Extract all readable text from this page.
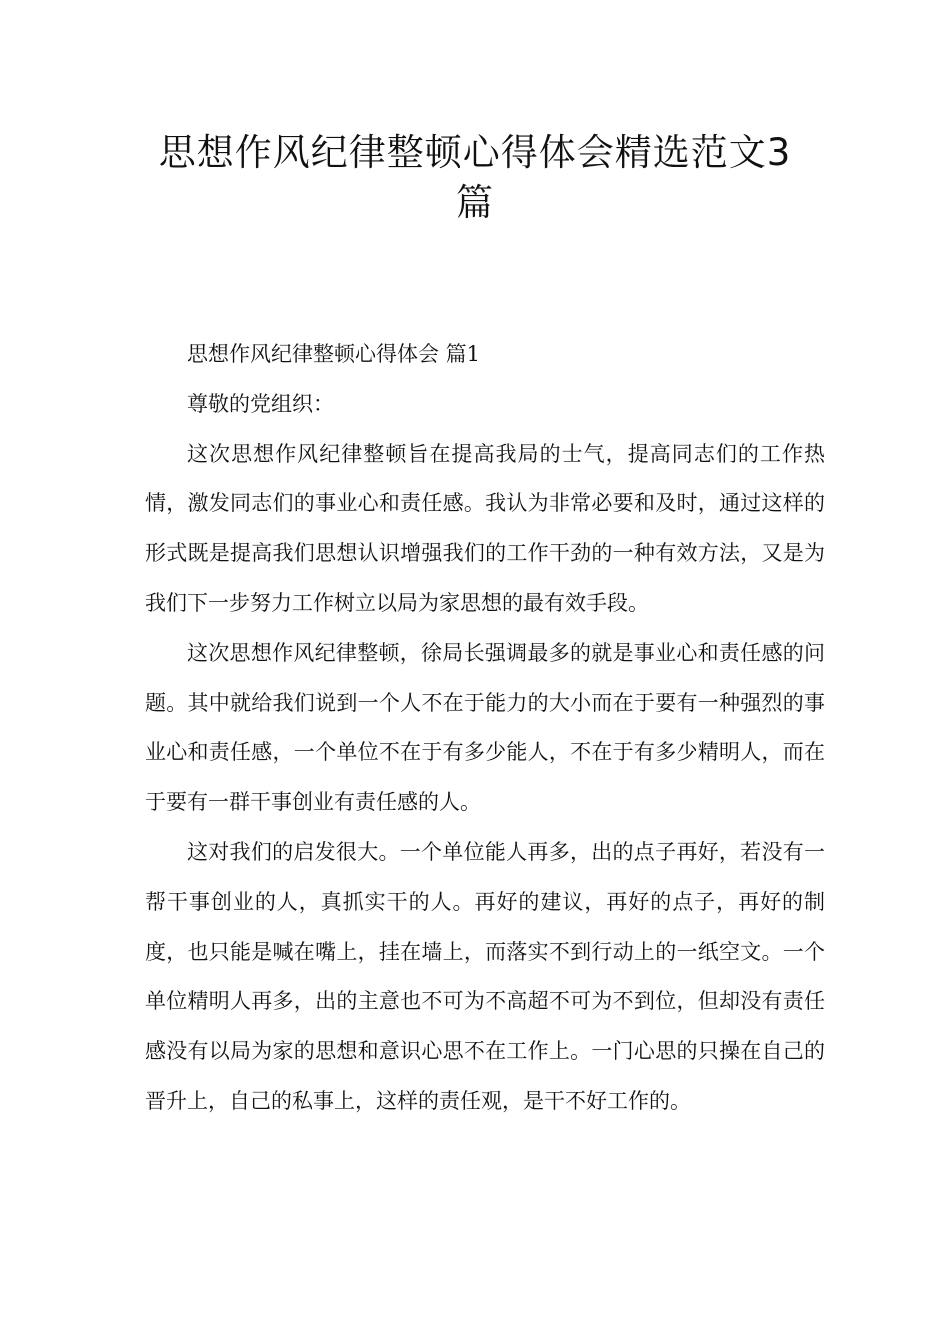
思想作风纪律整顿心得体会精选范文3篇

思想作风纪律整顿心得体会 篇1

尊敬的党组织：

这次思想作风纪律整顿旨在提高我局的士气，提高同志们的工作热情，激发同志们的事业心和责任感。我认为非常必要和及时，通过这样的形式既是提高我们思想认识增强我们的工作干劲的一种有效方法，又是为我们下一步努力工作树立以局为家思想的最有效手段。

这次思想作风纪律整顿，徐局长强调最多的就是事业心和责任感的问题。其中就给我们说到一个人不在于能力的大小而在于要有一种强烈的事业心和责任感，一个单位不在于有多少能人，不在于有多少精明人，而在于要有一群干事创业有责任感的人。

这对我们的启发很大。一个单位能人再多，出的点子再好，若没有一帮干事创业的人，真抓实干的人。再好的建议，再好的点子，再好的制度，也只能是喊在嘴上，挂在墙上，而落实不到行动上的一纸空文。一个单位精明人再多，出的主意也不可为不高超不可为不到位，但却没有责任感没有以局为家的思想和意识心思不在工作上。一门心思的只操在自己的晋升上，自己的私事上，这样的责任观，是干不好工作的。
